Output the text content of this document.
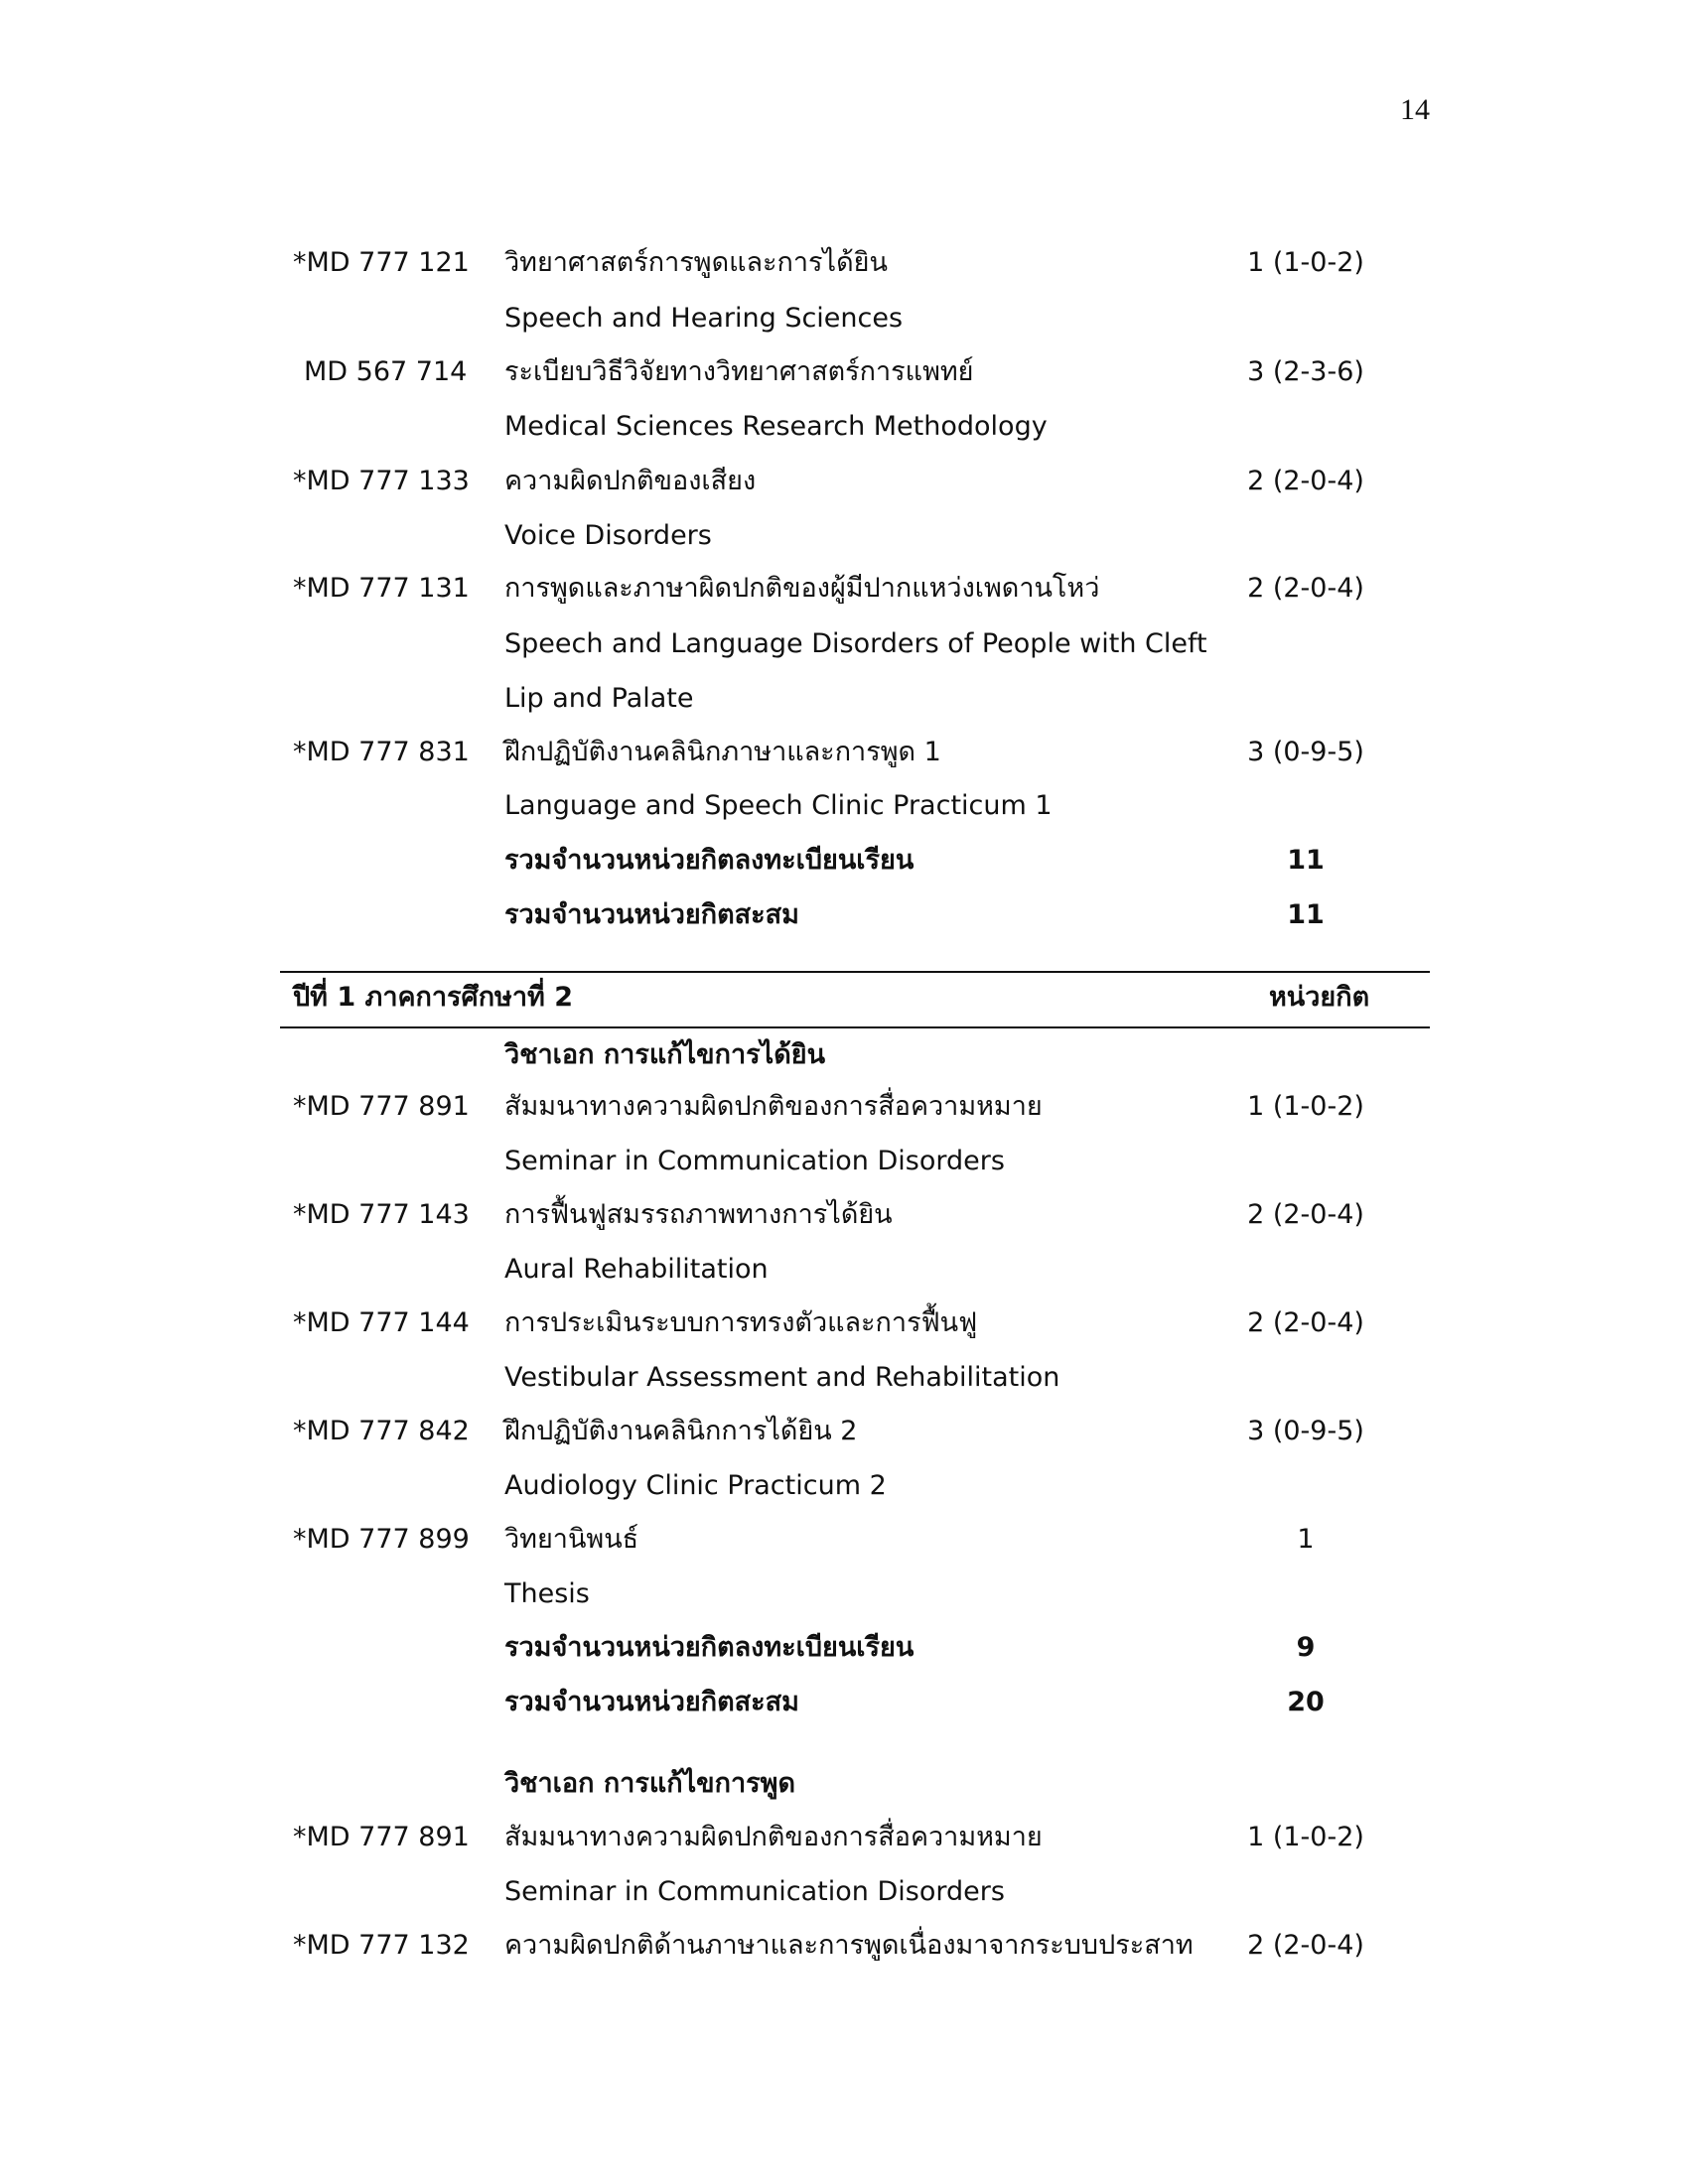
14
*MD 777 121	วิทยาศาสตร์การพูดและการได้ยิน	1 (1-0-2)
Speech and Hearing Sciences
MD 567 714	ระเบียบวิธีวิจัยทางวิทยาศาสตร์การแพทย์	3 (2-3-6)
Medical Sciences Research Methodology
*MD 777 133	ความผิดปกติของเสียง	2 (2-0-4)
Voice Disorders
*MD 777 131	การพูดและภาษาผิดปกติของผู้มีปากแหว่งเพดานโหว่	2 (2-0-4)
Speech and Language Disorders of People with Cleft
Lip and Palate
*MD 777 831	ฝึกปฏิบัติงานคลินิกภาษาและการพูด 1	3 (0-9-5)
Language and Speech Clinic Practicum 1
รวมจำนวนหน่วยกิตลงทะเบียนเรียน	11
รวมจำนวนหน่วยกิตสะสม	11
ปีที่ 1 ภาคการศึกษาที่ 2	หน่วยกิต
วิชาเอก การแก้ไขการได้ยิน
*MD 777 891	สัมมนาทางความผิดปกติของการสื่อความหมาย	1 (1-0-2)
Seminar in Communication Disorders
*MD 777 143	การฟื้นฟูสมรรถภาพทางการได้ยิน	2 (2-0-4)
Aural Rehabilitation
*MD 777 144	การประเมินระบบการทรงตัวและการฟื้นฟู	2 (2-0-4)
Vestibular Assessment and Rehabilitation
*MD 777 842	ฝึกปฏิบัติงานคลินิกการได้ยิน 2	3 (0-9-5)
Audiology Clinic Practicum 2
*MD 777 899	วิทยานิพนธ์	1
Thesis
รวมจำนวนหน่วยกิตลงทะเบียนเรียน	9
รวมจำนวนหน่วยกิตสะสม	20
วิชาเอก การแก้ไขการพูด
*MD 777 891	สัมมนาทางความผิดปกติของการสื่อความหมาย	1 (1-0-2)
Seminar in Communication Disorders
*MD 777 132	ความผิดปกติด้านภาษาและการพูดเนื่องมาจากระบบประสาท	2 (2-0-4)
